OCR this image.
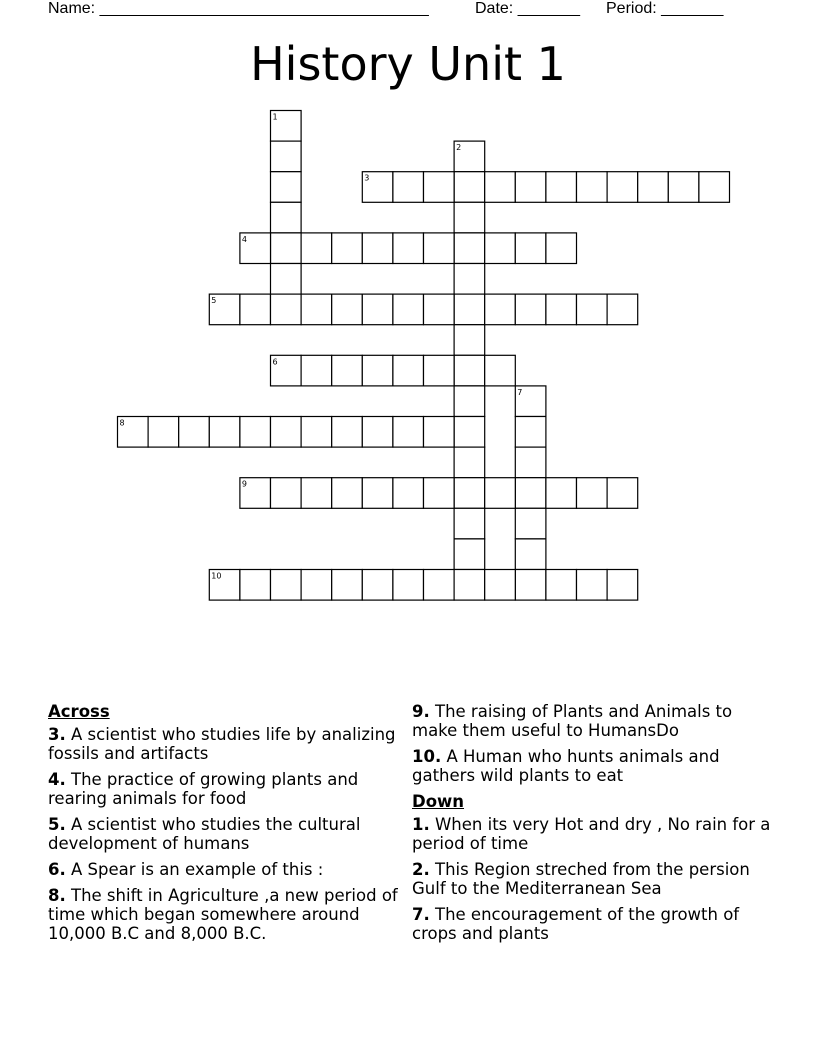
Name: _____________________________________	Date: _______ Period: _______
History Unit 1
1
2
3
4
5
6
7
8
9
10
Across
3. A scientist who studies life by analizing fossils and artifacts
4. The practice of growing plants and rearing animals for food
5. A scientist who studies the cultural development of humans
6. A Spear is an example of this :
8. The shift in Agriculture ,a new period of time which began somewhere around 10,000 B.C and 8,000 B.C.
9. The raising of Plants and Animals to make them useful to HumansDo
10. A Human who hunts animals and gathers wild plants to eat
Down
1. When its very Hot and dry , No rain for a period of time
2. This Region streched from the persion Gulf to the Mediterranean Sea
7. The encouragement of the growth of crops and plants
